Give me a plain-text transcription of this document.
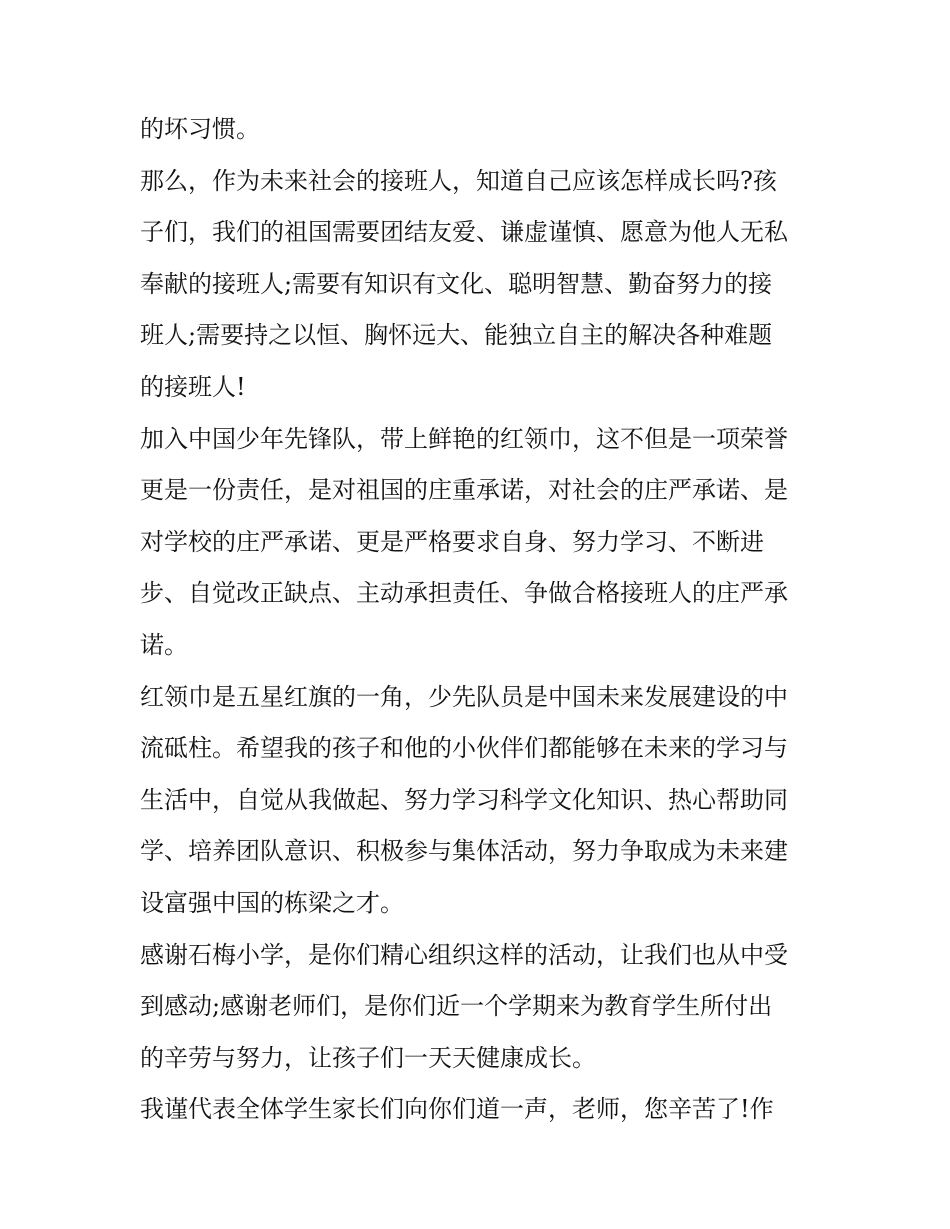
的坏习惯。
那么，作为未来社会的接班人，知道自己应该怎样成长吗?孩
子们，我们的祖国需要团结友爱、谦虚谨慎、愿意为他人无私
奉献的接班人;需要有知识有文化、聪明智慧、勤奋努力的接
班人;需要持之以恒、胸怀远大、能独立自主的解决各种难题
的接班人!
加入中国少年先锋队，带上鲜艳的红领巾，这不但是一项荣誉
更是一份责任，是对祖国的庄重承诺，对社会的庄严承诺、是
对学校的庄严承诺、更是严格要求自身、努力学习、不断进
步、自觉改正缺点、主动承担责任、争做合格接班人的庄严承
诺。
红领巾是五星红旗的一角，少先队员是中国未来发展建设的中
流砥柱。希望我的孩子和他的小伙伴们都能够在未来的学习与
生活中，自觉从我做起、努力学习科学文化知识、热心帮助同
学、培养团队意识、积极参与集体活动，努力争取成为未来建
设富强中国的栋梁之才。
感谢石梅小学，是你们精心组织这样的活动，让我们也从中受
到感动;感谢老师们，是你们近一个学期来为教育学生所付出
的辛劳与努力，让孩子们一天天健康成长。
我谨代表全体学生家长们向你们道一声，老师，您辛苦了!作
